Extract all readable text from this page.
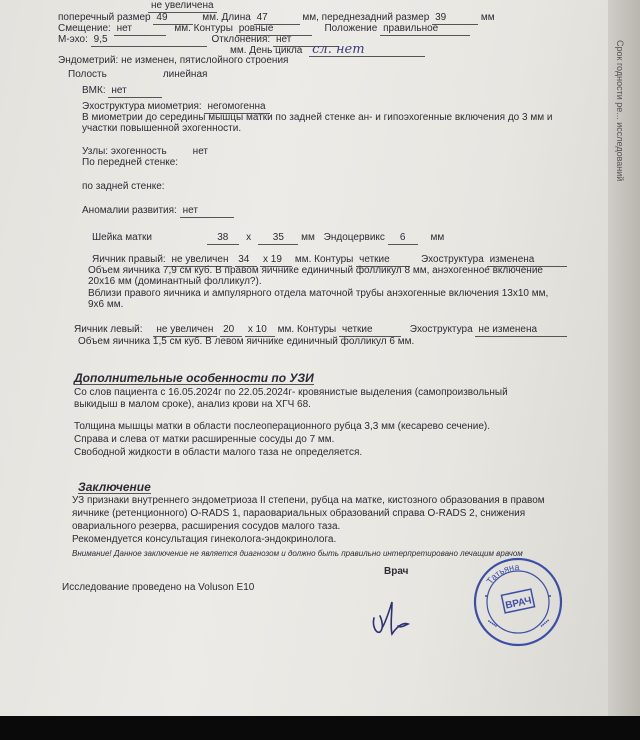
не увеличена
поперечный размер 49	мм. Длина 47	мм, переднезадний размер 39	мм
Смещение: нет	мм. Контуры ровные	Положение правильное
М-эхо: 9,5	Отклонения: нет
мм. День цикла сл. нет
Эндометрий: не изменен, пятислойного строения
Полость	линейная
ВМК: нет
Эхоструктура миометрия: негомогенна
В миометрии до середины мышцы матки по задней стенке ан- и гипоэхогенные включения до 3 мм и
участки повышенной эхогенности.
Узлы: эхогенность	нет
По передней стенке:
по задней стенке:
Аномалии развития: нет
Шейка матки	38 х 35 мм Эндоцервикс 6	мм
Яичник правый: не увеличен 34 х 19 мм. Контуры четкие	Эхоструктура изменена
Объем яичника 7,9 см куб. В правом яичнике единичный фолликул 8 мм, анэхогенное включение
20х16 мм (доминантный фолликул?).
Вблизи правого яичника и ампулярного отдела маточной трубы анэхогенные включения 13х10 мм,
9х6 мм.
Яичник левый: не увеличен 20 х 10 мм. Контуры четкие	Эхоструктура не изменена
Объем яичника 1,5 см куб. В левом яичнике единичный фолликул 6 мм.
Дополнительные особенности по УЗИ
Со слов пациента с 16.05.2024г по 22.05.2024г- кровянистые выделения (самопроизвольный
выкидыш в малом сроке), анализ крови на ХГЧ 68.
Толщина мышцы матки в области послеоперационного рубца 3,3 мм (кесарево сечение).
Справа и слева от матки расширенные сосуды до 7 мм.
Свободной жидкости в области малого таза не определяется.
Заключение
УЗ признаки внутреннего эндометриоза II степени, рубца на матке, кистозного образования в правом
яичнике (ретенционного) O-RADS 1, параовариальных образований справа O-RADS 2, снижения
овариального резерва, расширения сосудов малого таза.
Рекомендуется консультация гинеколога-эндокринолога.
Внимание! Данное заключение не является диагнозом и должно быть правильно интерпретировано лечащим врачом
Исследование проведено на Voluson E10
Врач
Татьяна
▪▪▪▪▪	▪▪▪▪▪
ВРАЧ
Срок годности ре... исследований
